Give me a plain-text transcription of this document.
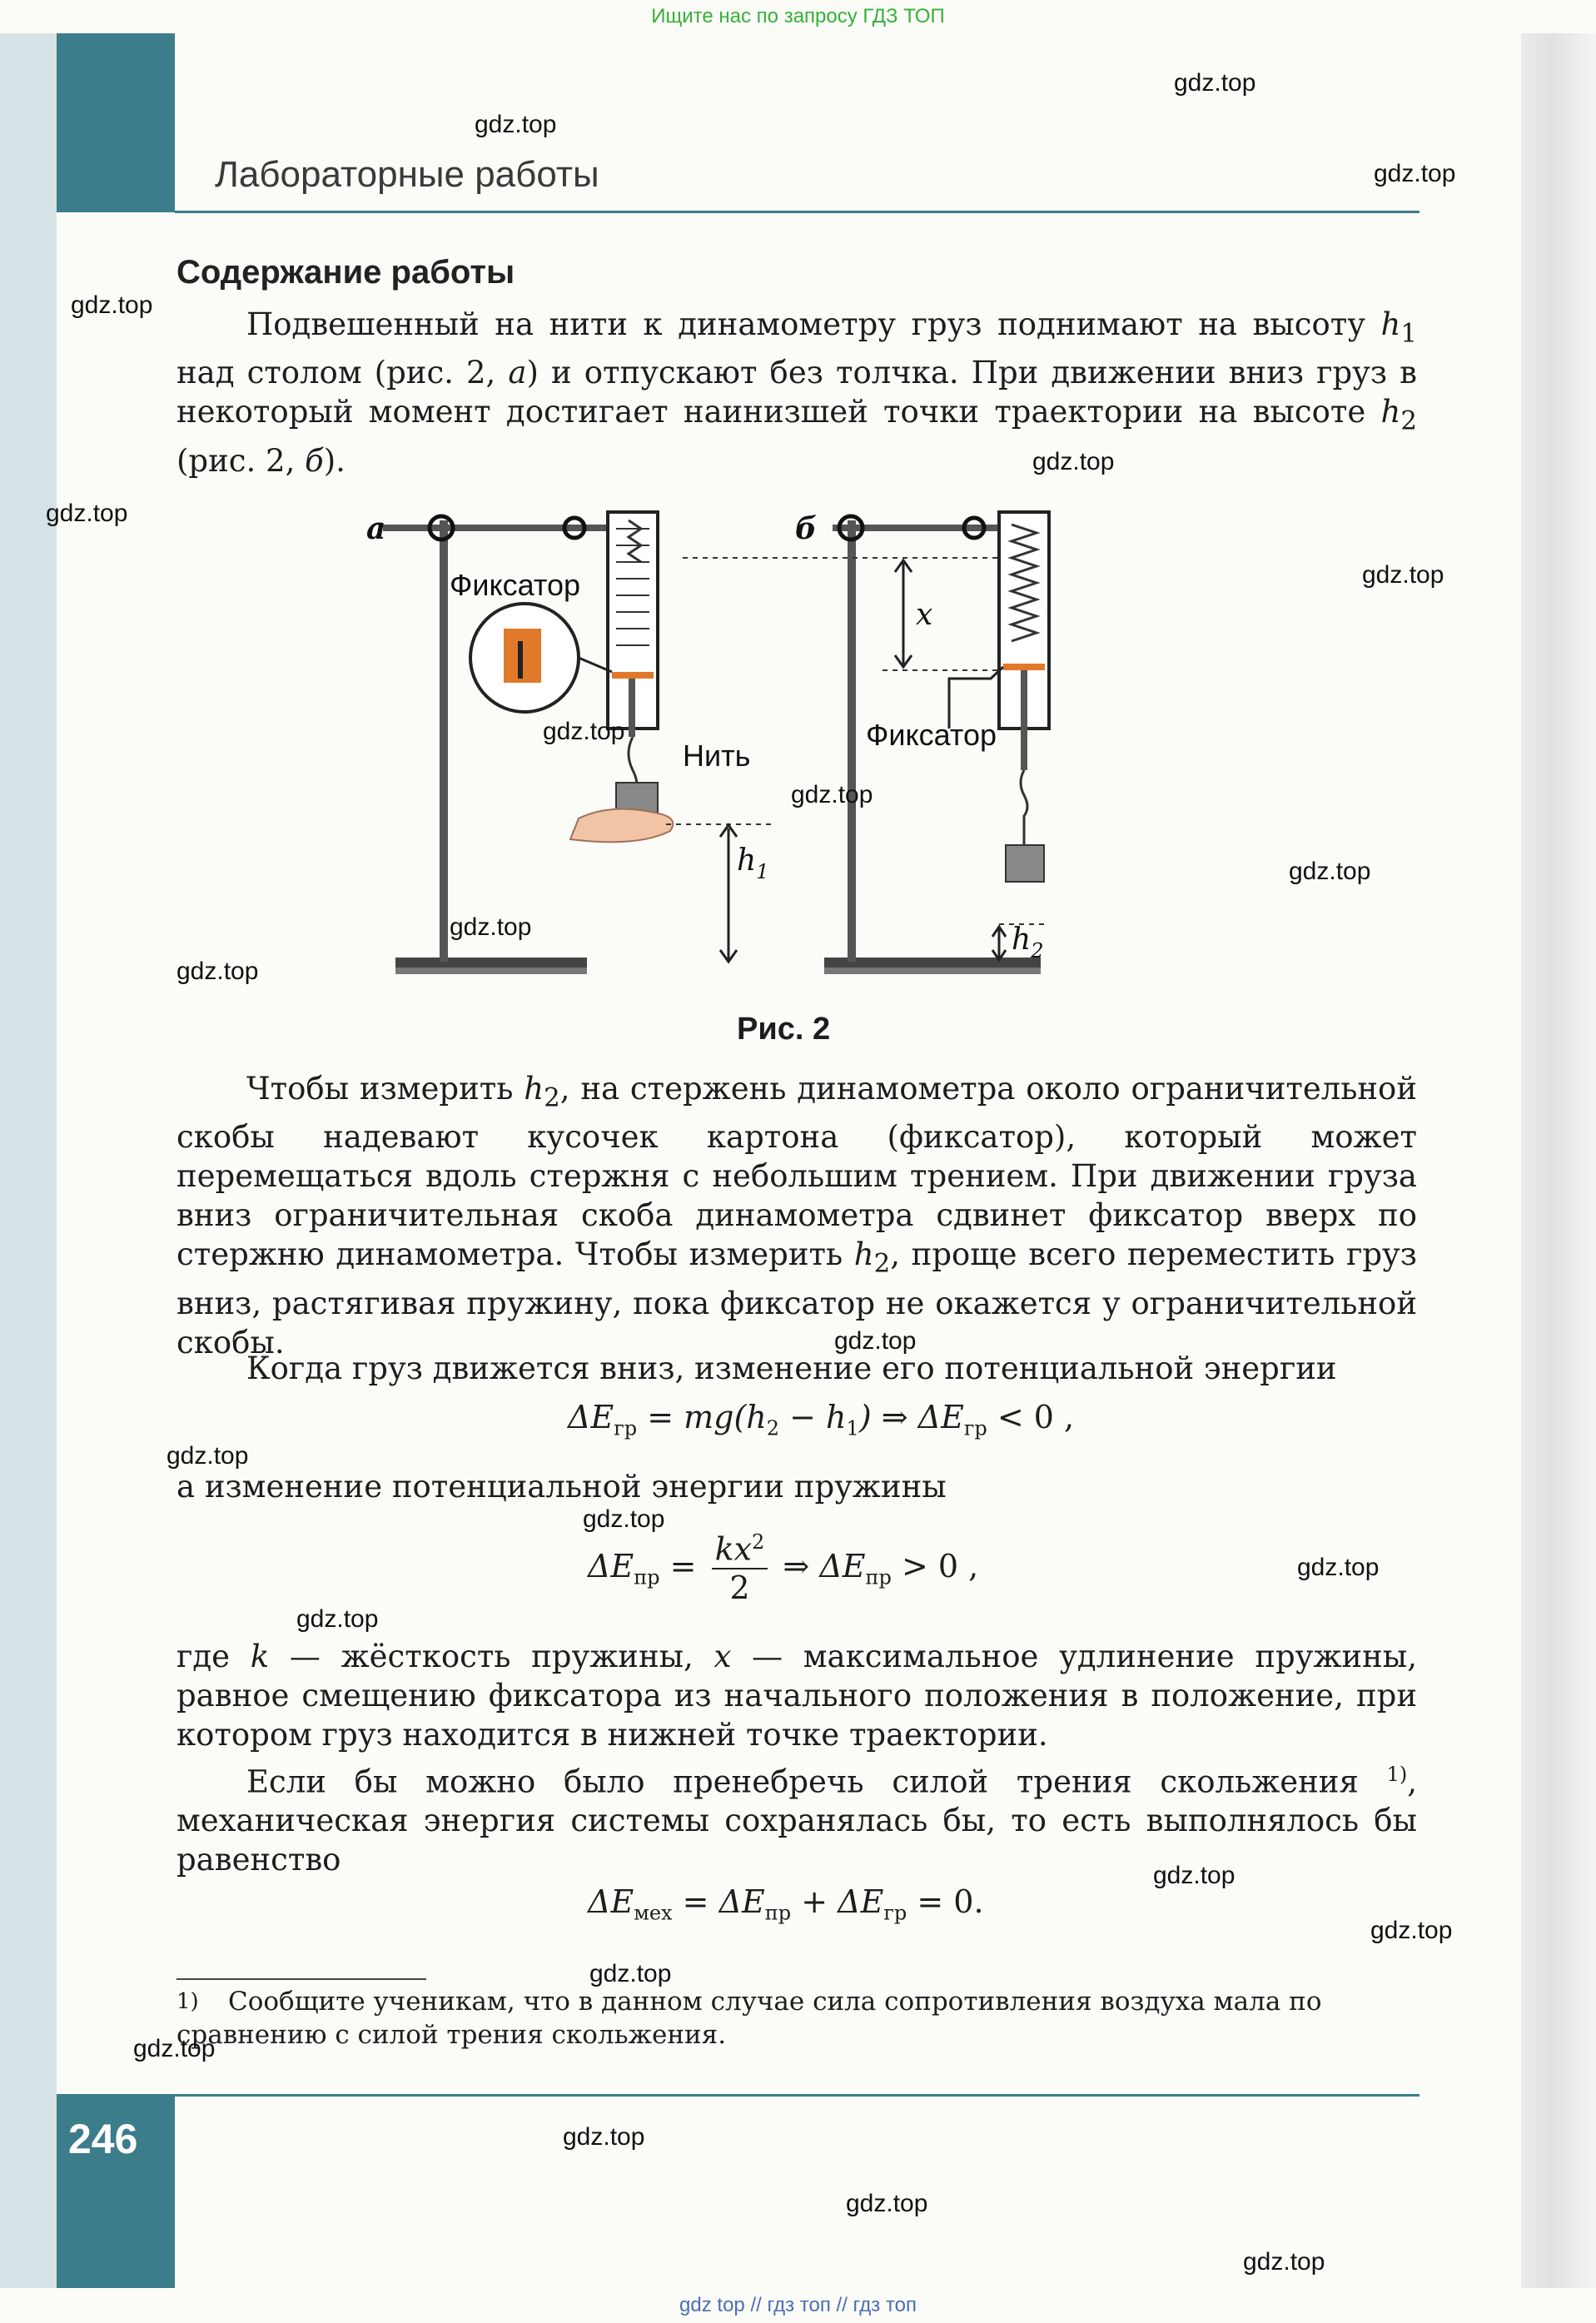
Ищите нас по запросу ГДЗ ТОП
Лабораторные работы
Содержание работы
Подвешенный на нити к динамометру груз поднимают на высоту $h_1$ над столом (рис. 2, а) и отпускают без толчка. При движении вниз груз в некоторый момент достигает наинизшей точки траектории на высоте $h_2$ (рис. 2, б).
Фиксатор
а
Нить
$h_1$
б
x
Фиксатор
$h_2$
Рис. 2
Чтобы измерить $h_2$, на стержень динамометра около ограничительной скобы надевают кусочек картона (фиксатор), который может перемещаться вдоль стержня с небольшим трением. При движении груза вниз ограничительная скоба динамометра сдвинет фиксатор вверх по стержню динамометра. Чтобы измерить $h_2$, проще всего переместить груз вниз, растягивая пружину, пока фиксатор не окажется у ограничительной скобы.
Когда груз движется вниз, изменение его потенциальной энергии
$\Delta E_{гр} = mg(h_2 - h_1)$ ⇒ $\Delta E_{гр} < 0$ ,
а изменение потенциальной энергии пружины
$\Delta E_{пр} = \frac{kx^2}{2}$ ⇒ $\Delta E_{пр} > 0$ ,
где k — жёсткость пружины, x — максимальное удлинение пружины, равное смещению фиксатора из начального положения в положение, при котором груз находится в нижней точке траектории.
Если бы можно было пренебречь силой трения скольжения $^{1)}$, механическая энергия системы сохранялась бы, то есть выполнялось бы равенство
$\Delta E_{мех} = \Delta E_{пр} + \Delta E_{гр} = 0$.
1) Сообщите ученикам, что в данном случае сила сопротивления воздуха мала по сравнению с силой трения скольжения.
246
gdz.top
gdz.top
gdz.top
gdz.top
gdz.top
gdz.top
gdz.top
gdz.top
gdz.top
gdz.top
gdz.top
gdz.top
gdz.top
gdz.top
gdz.top
gdz.top
gdz.top
gdz.top
gdz.top
gdz.top
gdz.top
gdz.top
gdz.top
gdz.top
gdz top // гдз топ // гдз топ
